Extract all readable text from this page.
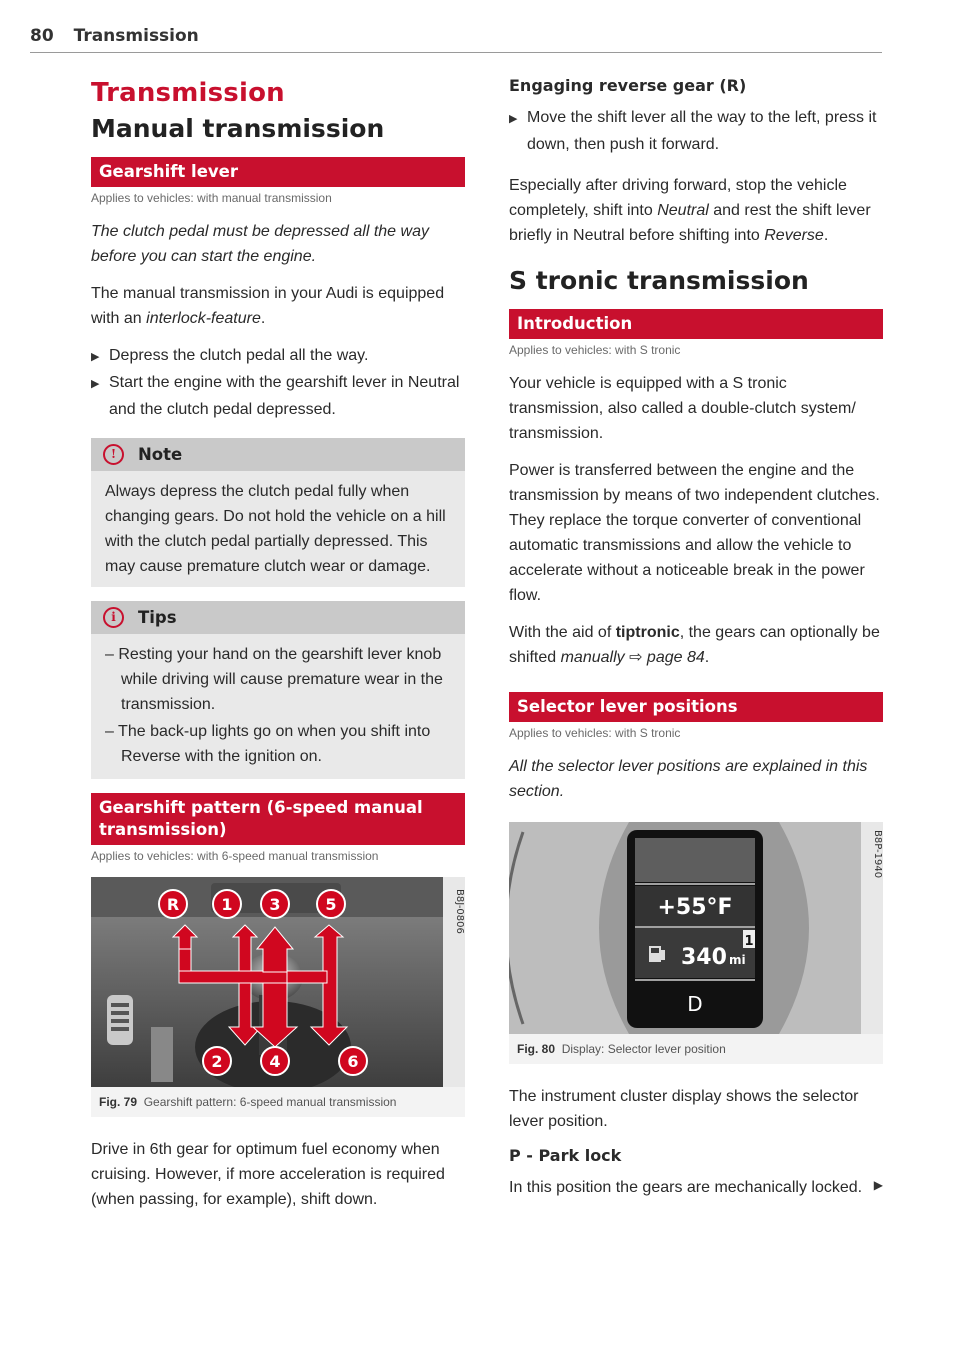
80 Transmission
Transmission
Manual transmission
Gearshift lever
Applies to vehicles: with manual transmission

The clutch pedal must be depressed all the way before you can start the engine.

The manual transmission in your Audi is equipped with an interlock-feature.

▶ Depress the clutch pedal all the way.
▶ Start the engine with the gearshift lever in Neutral and the clutch pedal depressed.
!	Note
Always depress the clutch pedal fully when changing gears. Do not hold the vehicle on a hill with the clutch pedal partially depressed. This may cause premature clutch wear or damage.
i	Tips
– Resting your hand on the gearshift lever knob while driving will cause premature wear in the transmission.
– The back-up lights go on when you shift into Reverse with the ignition on.
Gearshift pattern (6-speed manual transmission)
Applies to vehicles: with 6-speed manual transmission
R	1 3	5
2	4	6
B8J-0806
Fig. 79 Gearshift pattern: 6-speed manual transmission

Drive in 6th gear for optimum fuel economy when cruising. However, if more acceleration is required (when passing, for example), shift down.

Engaging reverse gear (R)
▶ Move the shift lever all the way to the left, press it down, then push it forward.

Especially after driving forward, stop the vehicle completely, shift into Neutral and rest the shift lever briefly in Neutral before shifting into Reverse.

S tronic transmission
Introduction
Applies to vehicles: with S tronic

Your vehicle is equipped with a S tronic transmission, also called a double-clutch system/ transmission.

Power is transferred between the engine and the transmission by means of two independent clutches. They replace the torque converter of conventional automatic transmissions and allow the vehicle to accelerate without a noticeable break in the power flow.

With the aid of tiptronic, the gears can optionally be shifted manually ⇨ page 84.

Selector lever positions
Applies to vehicles: with S tronic

All the selector lever positions are explained in this section.

+55°F
1
340 mi
D
B8P-1940
Fig. 80 Display: Selector lever position

The instrument cluster display shows the selector lever position.

P - Park lock

In this position the gears are mechanically locked. ▶
